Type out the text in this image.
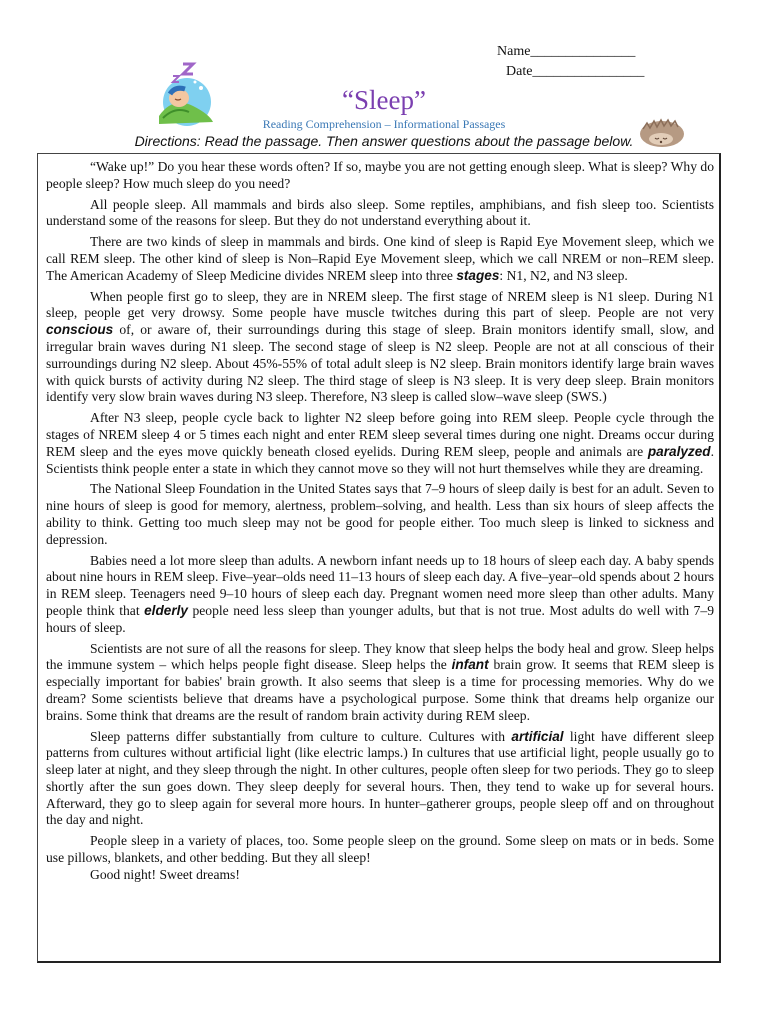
Name_______________
Date________________
“Sleep”
Reading Comprehension – Informational Passages
Directions: Read the passage. Then answer questions about the passage below.

“Wake up!” Do you hear these words often? If so, maybe you are not getting enough sleep. What is sleep? Why do people sleep? How much sleep do you need?

All people sleep. All mammals and birds also sleep. Some reptiles, amphibians, and fish sleep too. Scientists understand some of the reasons for sleep. But they do not understand everything about it.

There are two kinds of sleep in mammals and birds. One kind of sleep is Rapid Eye Movement sleep, which we call REM sleep. The other kind of sleep is Non–Rapid Eye Movement sleep, which we call NREM or non–REM sleep. The American Academy of Sleep Medicine divides NREM sleep into three stages: N1, N2, and N3 sleep.

When people first go to sleep, they are in NREM sleep. The first stage of NREM sleep is N1 sleep. During N1 sleep, people get very drowsy. Some people have muscle twitches during this part of sleep. People are not very conscious of, or aware of, their surroundings during this stage of sleep. Brain monitors identify small, slow, and irregular brain waves during N1 sleep. The second stage of sleep is N2 sleep. People are not at all conscious of their surroundings during N2 sleep. About 45%-55% of total adult sleep is N2 sleep. Brain monitors identify large brain waves with quick bursts of activity during N2 sleep. The third stage of sleep is N3 sleep. It is very deep sleep. Brain monitors identify very slow brain waves during N3 sleep. Therefore, N3 sleep is called slow–wave sleep (SWS.)

After N3 sleep, people cycle back to lighter N2 sleep before going into REM sleep. People cycle through the stages of NREM sleep 4 or 5 times each night and enter REM sleep several times during one night. Dreams occur during REM sleep and the eyes move quickly beneath closed eyelids. During REM sleep, people and animals are paralyzed. Scientists think people enter a state in which they cannot move so they will not hurt themselves while they are dreaming.

The National Sleep Foundation in the United States says that 7–9 hours of sleep daily is best for an adult. Seven to nine hours of sleep is good for memory, alertness, problem–solving, and health. Less than six hours of sleep affects the ability to think. Getting too much sleep may not be good for people either. Too much sleep is linked to sickness and depression.

Babies need a lot more sleep than adults. A newborn infant needs up to 18 hours of sleep each day. A baby spends about nine hours in REM sleep. Five–year–olds need 11–13 hours of sleep each day. A five–year–old spends about 2 hours in REM sleep. Teenagers need 9–10 hours of sleep each day. Pregnant women need more sleep than other adults. Many people think that elderly people need less sleep than younger adults, but that is not true. Most adults do well with 7–9 hours of sleep.

Scientists are not sure of all the reasons for sleep. They know that sleep helps the body heal and grow. Sleep helps the immune system – which helps people fight disease. Sleep helps the infant brain grow. It seems that REM sleep is especially important for babies' brain growth. It also seems that sleep is a time for processing memories. Why do we dream? Some scientists believe that dreams have a psychological purpose. Some think that dreams help organize our brains. Some think that dreams are the result of random brain activity during REM sleep.

Sleep patterns differ substantially from culture to culture. Cultures with artificial light have different sleep patterns from cultures without artificial light (like electric lamps.) In cultures that use artificial light, people usually go to sleep later at night, and they sleep through the night. In other cultures, people often sleep for two periods. They go to sleep shortly after the sun goes down. They sleep deeply for several hours. Then, they tend to wake up for several hours. Afterward, they go to sleep again for several more hours. In hunter–gatherer groups, people sleep off and on throughout the day and night.

People sleep in a variety of places, too. Some people sleep on the ground. Some sleep on mats or in beds. Some use pillows, blankets, and other bedding. But they all sleep!

Good night! Sweet dreams!
